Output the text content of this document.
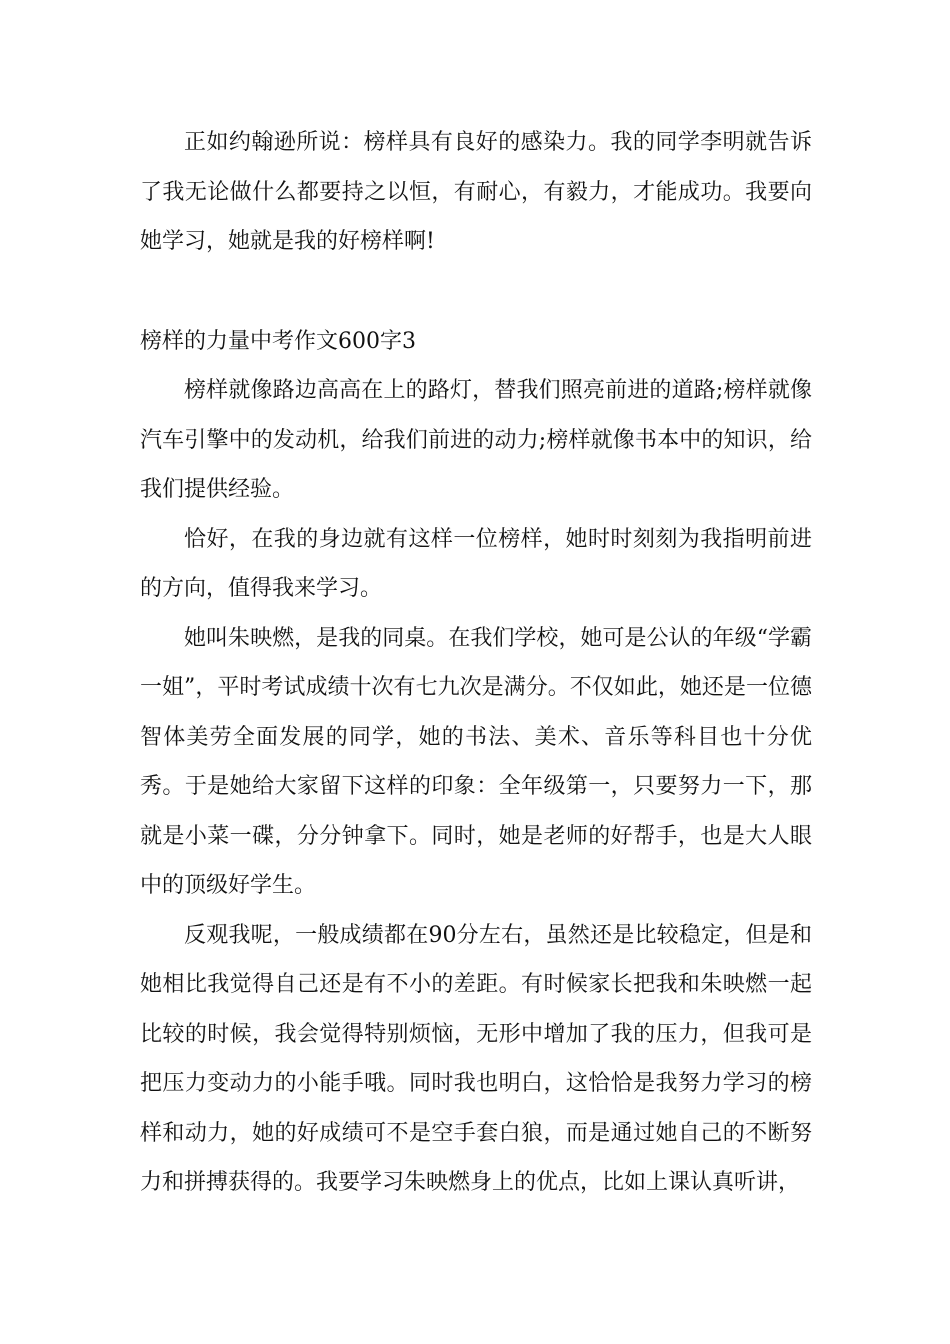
正如约翰逊所说：榜样具有良好的感染力。我的同学李明就告诉了我无论做什么都要持之以恒，有耐心，有毅力，才能成功。我要向她学习，她就是我的好榜样啊!

榜样的力量中考作文600字3

榜样就像路边高高在上的路灯，替我们照亮前进的道路;榜样就像汽车引擎中的发动机，给我们前进的动力;榜样就像书本中的知识，给我们提供经验。

恰好，在我的身边就有这样一位榜样，她时时刻刻为我指明前进的方向，值得我来学习。

她叫朱映燃，是我的同桌。在我们学校，她可是公认的年级“学霸一姐”，平时考试成绩十次有七九次是满分。不仅如此，她还是一位德智体美劳全面发展的同学，她的书法、美术、音乐等科目也十分优秀。于是她给大家留下这样的印象：全年级第一，只要努力一下，那就是小菜一碟，分分钟拿下。同时，她是老师的好帮手，也是大人眼中的顶级好学生。

反观我呢，一般成绩都在90分左右，虽然还是比较稳定，但是和她相比我觉得自己还是有不小的差距。有时候家长把我和朱映燃一起比较的时候，我会觉得特别烦恼，无形中增加了我的压力，但我可是把压力变动力的小能手哦。同时我也明白，这恰恰是我努力学习的榜样和动力，她的好成绩可不是空手套白狼，而是通过她自己的不断努力和拼搏获得的。我要学习朱映燃身上的优点，比如上课认真听讲，
